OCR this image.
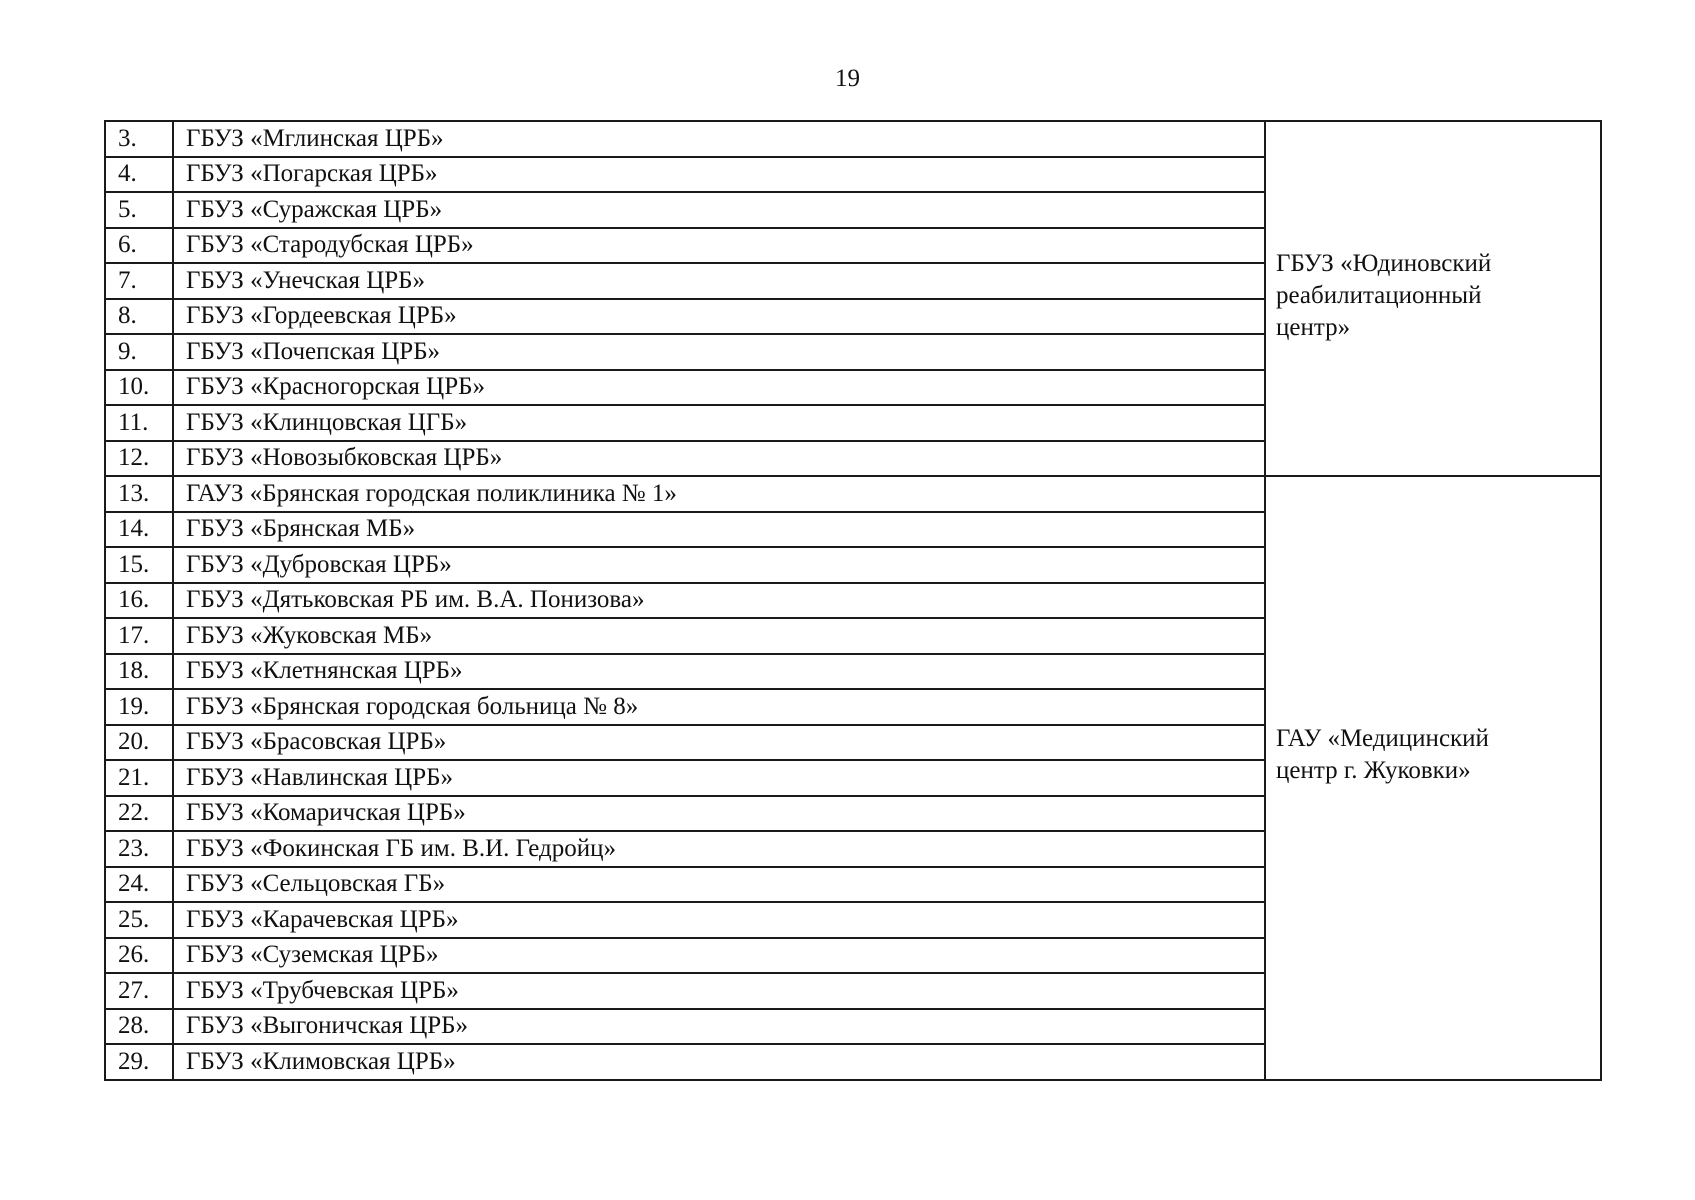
19
3.	ГБУЗ «Мглинская ЦРБ»	ГБУЗ «Юдиновский
реабилитационный
центр»

4.	ГБУЗ «Погарская ЦРБ»	
5.	ГБУЗ «Суражская ЦРБ»	
6.	ГБУЗ «Стародубская ЦРБ»	
7.	ГБУЗ «Унечская ЦРБ»	
8.	ГБУЗ «Гордеевская ЦРБ»	
9.	ГБУЗ «Почепская ЦРБ»	
10.	ГБУЗ «Красногорская ЦРБ»	
11.	ГБУЗ «Клинцовская ЦГБ»	
12.	ГБУЗ «Новозыбковская ЦРБ»	
13.	ГАУЗ «Брянская городская поликлиника № 1»	ГАУ «Медицинский
центр г. Жуковки»

14.	ГБУЗ «Брянская МБ»	
15.	ГБУЗ «Дубровская ЦРБ»	
16.	ГБУЗ «Дятьковская РБ им. В.А. Понизова»	
17.	ГБУЗ «Жуковская МБ»	
18.	ГБУЗ «Клетнянская ЦРБ»	
19.	ГБУЗ «Брянская городская больница № 8»	
20.	ГБУЗ «Брасовская ЦРБ»	
21.	ГБУЗ «Навлинская ЦРБ»	
22.	ГБУЗ «Комаричская ЦРБ»	
23.	ГБУЗ «Фокинская ГБ им. В.И. Гедройц»	
24.	ГБУЗ «Сельцовская ГБ»	
25.	ГБУЗ «Карачевская ЦРБ»	
26.	ГБУЗ «Суземская ЦРБ»	
27.	ГБУЗ «Трубчевская ЦРБ»	
28.	ГБУЗ «Выгоничская ЦРБ»	
29.	ГБУЗ «Климовская ЦРБ»	
